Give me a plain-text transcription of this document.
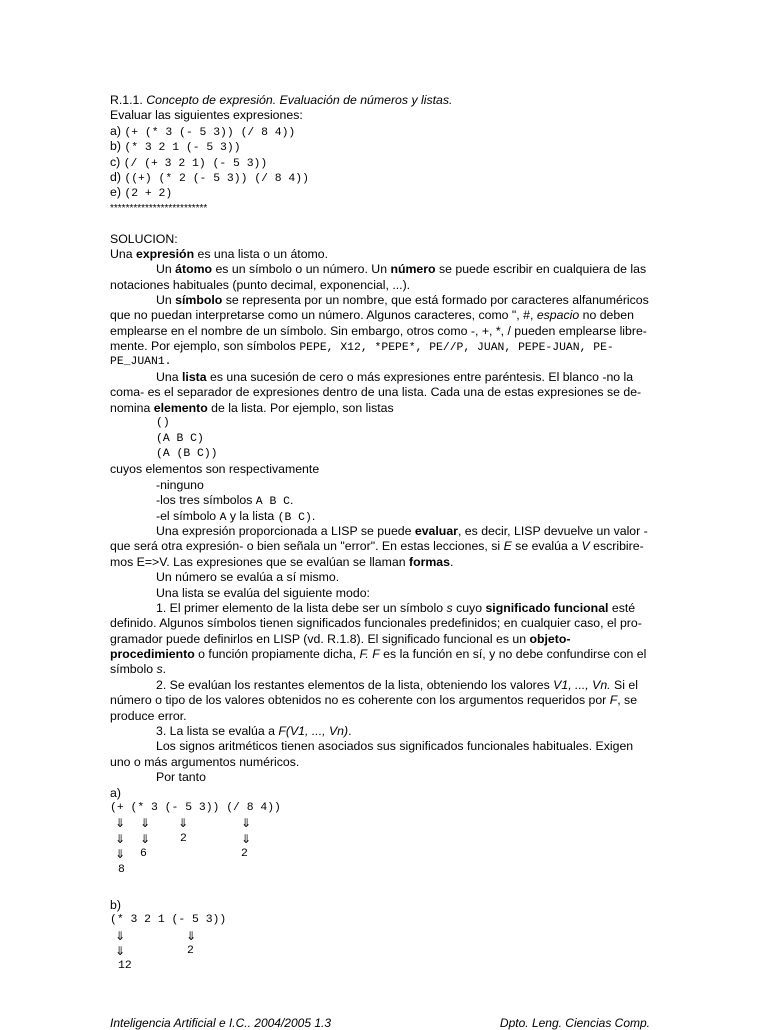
R.1.1. Concepto de expresión. Evaluación de números y listas.
Evaluar las siguientes expresiones:
a) (+ (* 3 (- 5 3)) (/ 8 4))
b) (* 3 2 1 (- 5 3))
c) (/ (+ 3 2 1) (- 5 3))
d) ((+) (* 2 (- 5 3)) (/ 8 4))
e) (2 + 2)
*************************
SOLUCION:
Una expresión es una lista o un átomo.
Un átomo es un símbolo o un número. Un número se puede escribir en cualquiera de las
notaciones habituales (punto decimal, exponencial, ...).
Un símbolo se representa por un nombre, que está formado por caracteres alfanuméricos
que no puedan interpretarse como un número. Algunos caracteres, como ", #, espacio no deben
emplearse en el nombre de un símbolo. Sin embargo, otros como -, +, *, / pueden emplearse libre-
mente. Por ejemplo, son símbolos PEPE, X12, *PEPE*, PE//P, JUAN, PEPE-JUAN, PE-
PE_JUAN1.
Una lista es una sucesión de cero o más expresiones entre paréntesis. El blanco -no la
coma- es el separador de expresiones dentro de una lista. Cada una de estas expresiones se de-
nomina elemento de la lista. Por ejemplo, son listas
()
(A B C)
(A (B C))
cuyos elementos son respectivamente
-ninguno
-los tres símbolos A B C.
-el símbolo A y la lista (B C).
Una expresión proporcionada a LISP se puede evaluar, es decir, LISP devuelve un valor -
que será otra expresión- o bien señala un "error". En estas lecciones, si E se evalúa a V escribire-
mos E=>V. Las expresiones que se evalúan se llaman formas.
Un número se evalúa a sí mismo.
Una lista se evalúa del siguiente modo:
1. El primer elemento de la lista debe ser un símbolo s cuyo significado funcional esté
definido. Algunos símbolos tienen significados funcionales predefinidos; en cualquier caso, el pro-
gramador puede definirlos en LISP (vd. R.1.8). El significado funcional es un objeto-
procedimiento o función propiamente dicha, F. F es la función en sí, y no debe confundirse con el
símbolo s.
2. Se evalúan los restantes elementos de la lista, obteniendo los valores V1, ..., Vn. Si el
número o tipo de los valores obtenidos no es coherente con los argumentos requeridos por F, se
produce error.
3. La lista se evalúa a F(V1, ..., Vn).
Los signos aritméticos tienen asociados sus significados funcionales habituales. Exigen
uno o más argumentos numéricos.
Por tanto
a)
(+ (* 3 (- 5 3)) (/ 8 4))
⇓ ⇓ ⇓	⇓
⇓ ⇓	2	⇓
⇓ 6	2
8
b)
(* 3 2 1 (- 5 3))
⇓	⇓
⇓	2
12
Inteligencia Artificial e I.C.. 2004/2005 1.3	Dpto. Leng. Ciencias Comp.
